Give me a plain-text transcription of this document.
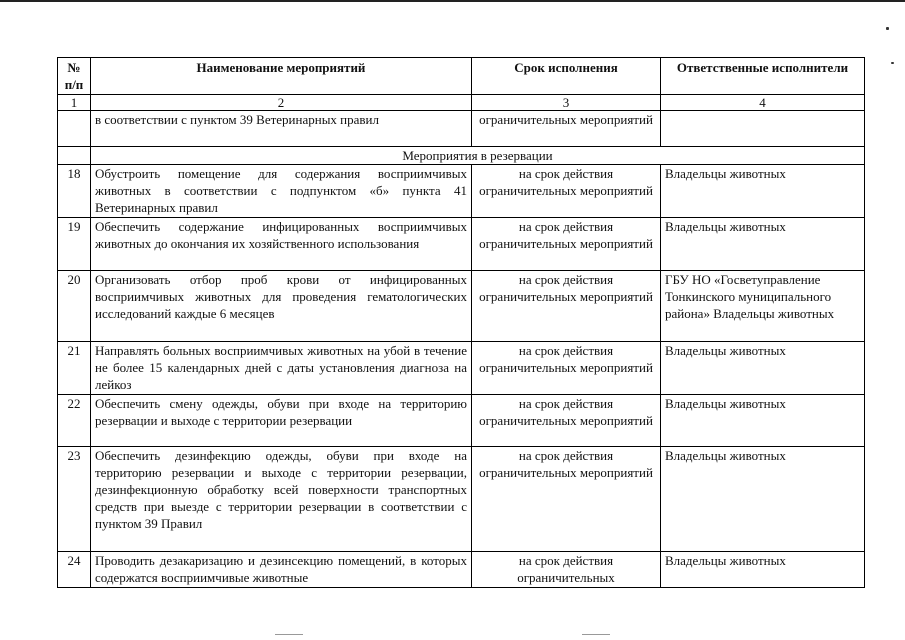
№ п/п	Наименование мероприятий	Срок исполнения	Ответственные исполнители
1	2	3	4
	в соответствии с пунктом 39 Ветеринарных правил	ограничительных мероприятий	
	Мероприятия в резервации		
18	Обустроить помещение для содержания восприимчивых животных в соответствии с подпунктом «б» пункта 41 Ветеринарных правил	на срок действия ограничительных мероприятий	Владельцы животных
19	Обеспечить содержание инфицированных восприимчивых животных до окончания их хозяйственного использования	на срок действия ограничительных мероприятий	Владельцы животных
20	Организовать отбор проб крови от инфицированных восприимчивых животных для проведения гематологических исследований каждые 6 месяцев	на срок действия ограничительных мероприятий	ГБУ НО «Госветуправление Тонкинского муниципального района» Владельцы животных
21	Направлять больных восприимчивых животных на убой в течение не более 15 календарных дней с даты установления диагноза на лейкоз	на срок действия ограничительных мероприятий	Владельцы животных
22	Обеспечить смену одежды, обуви при входе на территорию резервации и выходе с территории резервации	на срок действия ограничительных мероприятий	Владельцы животных
23	Обеспечить дезинфекцию одежды, обуви при входе на территорию резервации и выходе с территории резервации, дезинфекционную обработку всей поверхности транспортных средств при выезде с территории резервации в соответствии с пунктом 39 Правил	на срок действия ограничительных мероприятий	Владельцы животных
24	Проводить дезакаризацию и дезинсекцию помещений, в которых содержатся восприимчивые животные	на срок действия ограничительных	Владельцы животных
